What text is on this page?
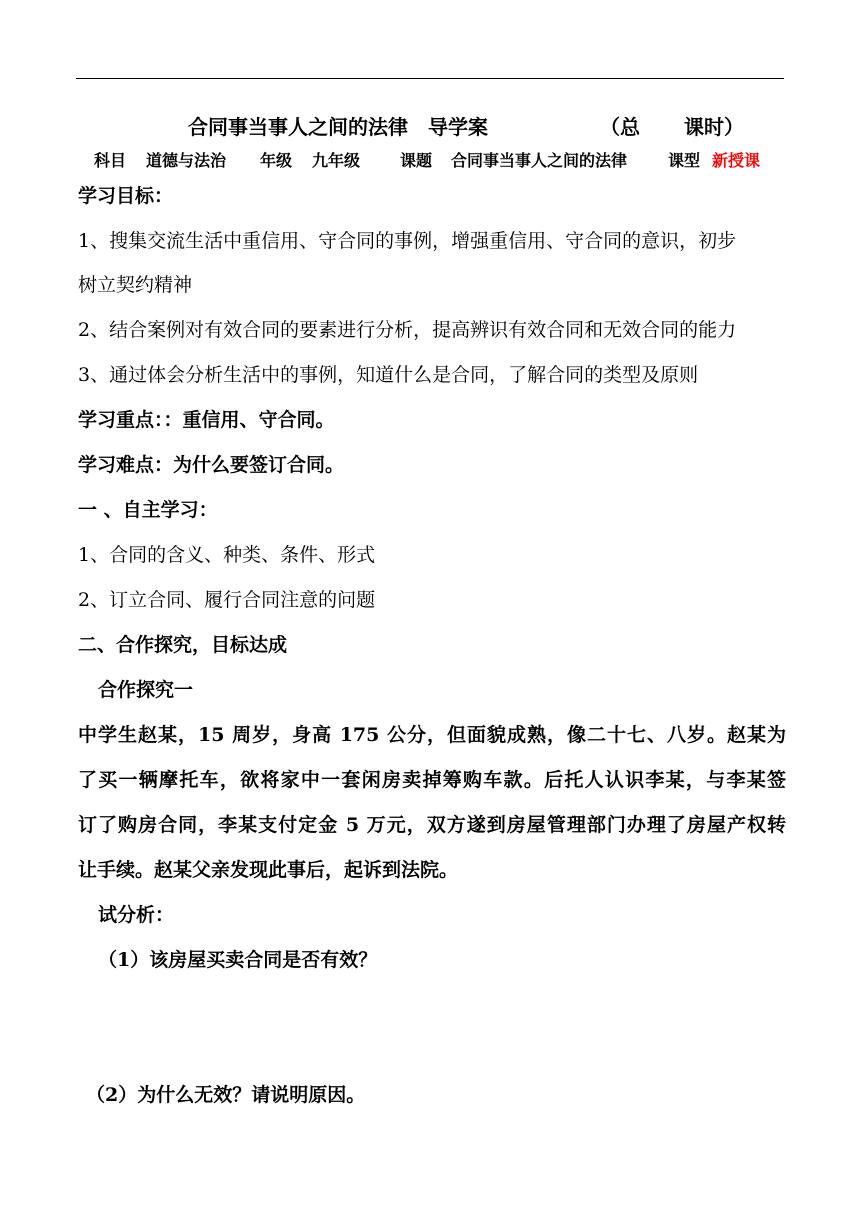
合同事当事人之间的法律　导学案	（总 课时）
科目 道德与法治 年级 九年级 课题 合同事当事人之间的法律	课型 新授课
学习目标：
1、搜集交流生活中重信用、守合同的事例，增强重信用、守合同的意识，初步
树立契约精神
2、结合案例对有效合同的要素进行分析，提高辨识有效合同和无效合同的能力
3、通过体会分析生活中的事例，知道什么是合同，了解合同的类型及原则
学习重点：：重信用、守合同。
学习难点：为什么要签订合同。
一 、自主学习：
1、合同的含义、种类、条件、形式
2、订立合同、履行合同注意的问题
二、合作探究，目标达成
合作探究一
中学生赵某，15 周岁，身高 175 公分，但面貌成熟，像二十七、八岁。赵某为
了买一辆摩托车，欲将家中一套闲房卖掉筹购车款。后托人认识李某，与李某签
订了购房合同，李某支付定金 5 万元，双方遂到房屋管理部门办理了房屋产权转
让手续。赵某父亲发现此事后，起诉到法院。
试分析：
（1）该房屋买卖合同是否有效？
（2）为什么无效？请说明原因。
